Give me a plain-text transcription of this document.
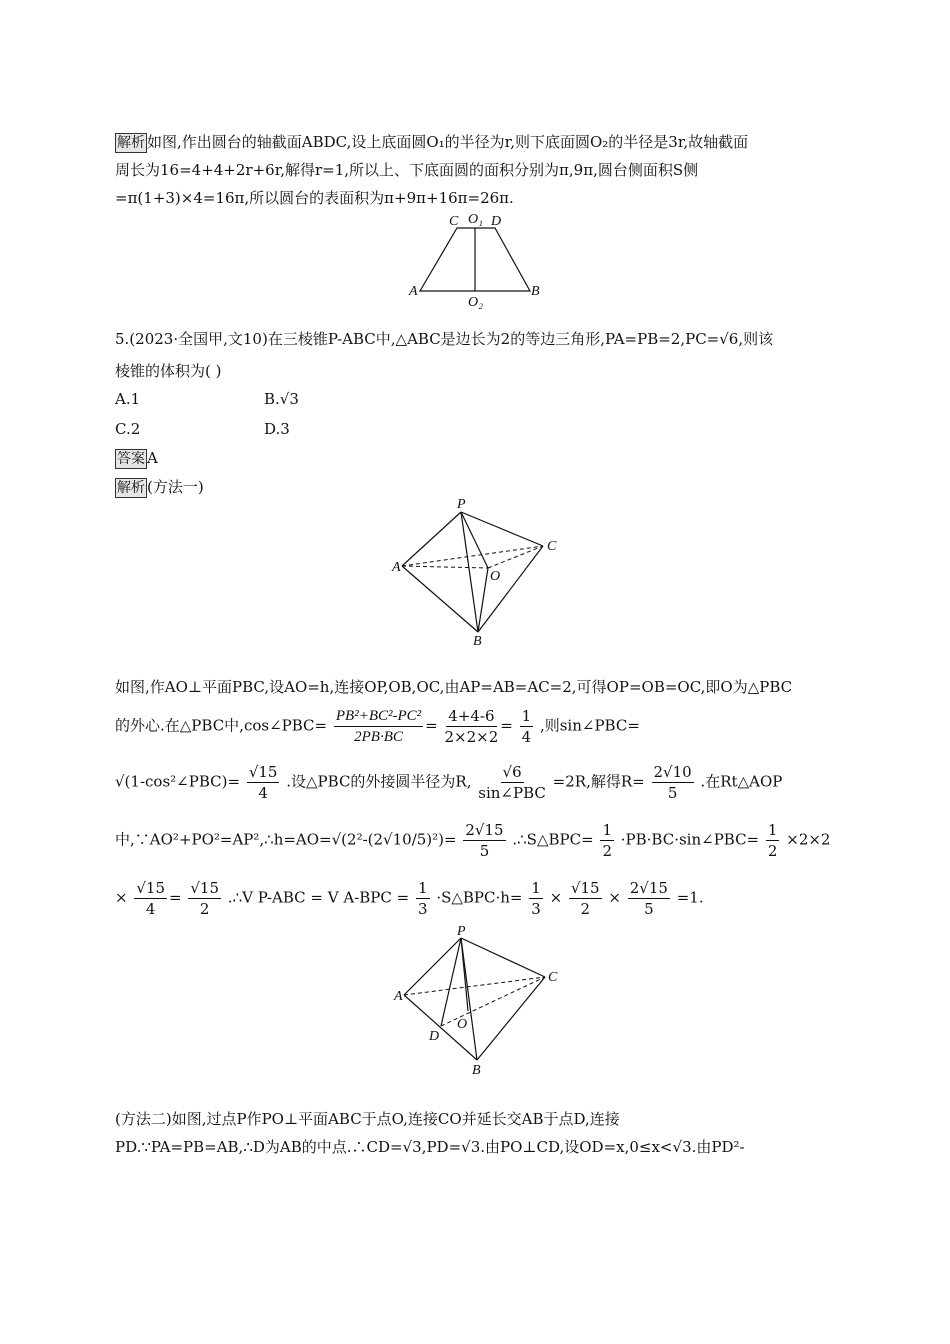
解析 如图,作出圆台的轴截面ABDC,设上底面圆O₁的半径为r,则下底面圆O₂的半径是3r,故轴截面
周长为16=4+4+2r+6r,解得r=1,所以上、下底面圆的面积分别为π,9π,圆台侧面积S侧
=π(1+3)×4=16π,所以圆台的表面积为π+9π+16π=26π.
C O₁ D
A
O₂
B
5.(2023·全国甲,文10)在三棱锥P-ABC中,△ABC是边长为2的等边三角形,PA=PB=2,PC=√6,则该
棱锥的体积为( )
A.1	B.√3
C.2	D.3
答案 A
解析 (方法一)
P
A
C
O
B
如图,作AO⊥平面PBC,设AO=h,连接OP,OB,OC,由AP=AB=AC=2,可得OP=OB=OC,即O为△PBC
的外心.在△PBC中,cos∠PBC= $\frac{\text{PB²+BC²-PC²}}{2PB\cdot BC} = \frac{4+4-6}{2\times 2\times 2} = \frac{1}{4}$ ,则sin∠PBC=
√(1-cos²∠PBC)= $\frac{√15}{4}$ .设△PBC的外接圆半径为R, $\frac{√6}{\text{sin∠PBC}} =2R$,解得$R= \frac{2√10}{5}$ .在Rt△AOP
中,∵AO²+PO²=AP²,∴h=AO=√(2²-(2√10/5)²)= $\frac{2√15}{5}$ .∴S△BPC= $\frac{1}{2}$ ·PB·BC·sin∠PBC= $\frac{1}{2} \times 2\times 2$
× $\frac{√15}{4} = \frac{√15}{2}$ .∴V P-ABC = V $A-BPC = \frac{1}{3}$ ·S△BPC·h= $\frac{1}{3} \times \frac{√15}{2} \times \frac{2√15}{5} =1$.
P
A
C
D
O
B
(方法二)如图,过点P作PO⊥平面ABC于点O,连接CO并延长交AB于点D,连接
PD.∵PA=PB=AB,∴D为AB的中点.∴CD=√3,PD=√3.由PO⊥CD,设OD=x,0≤x<√3.由PD²-
